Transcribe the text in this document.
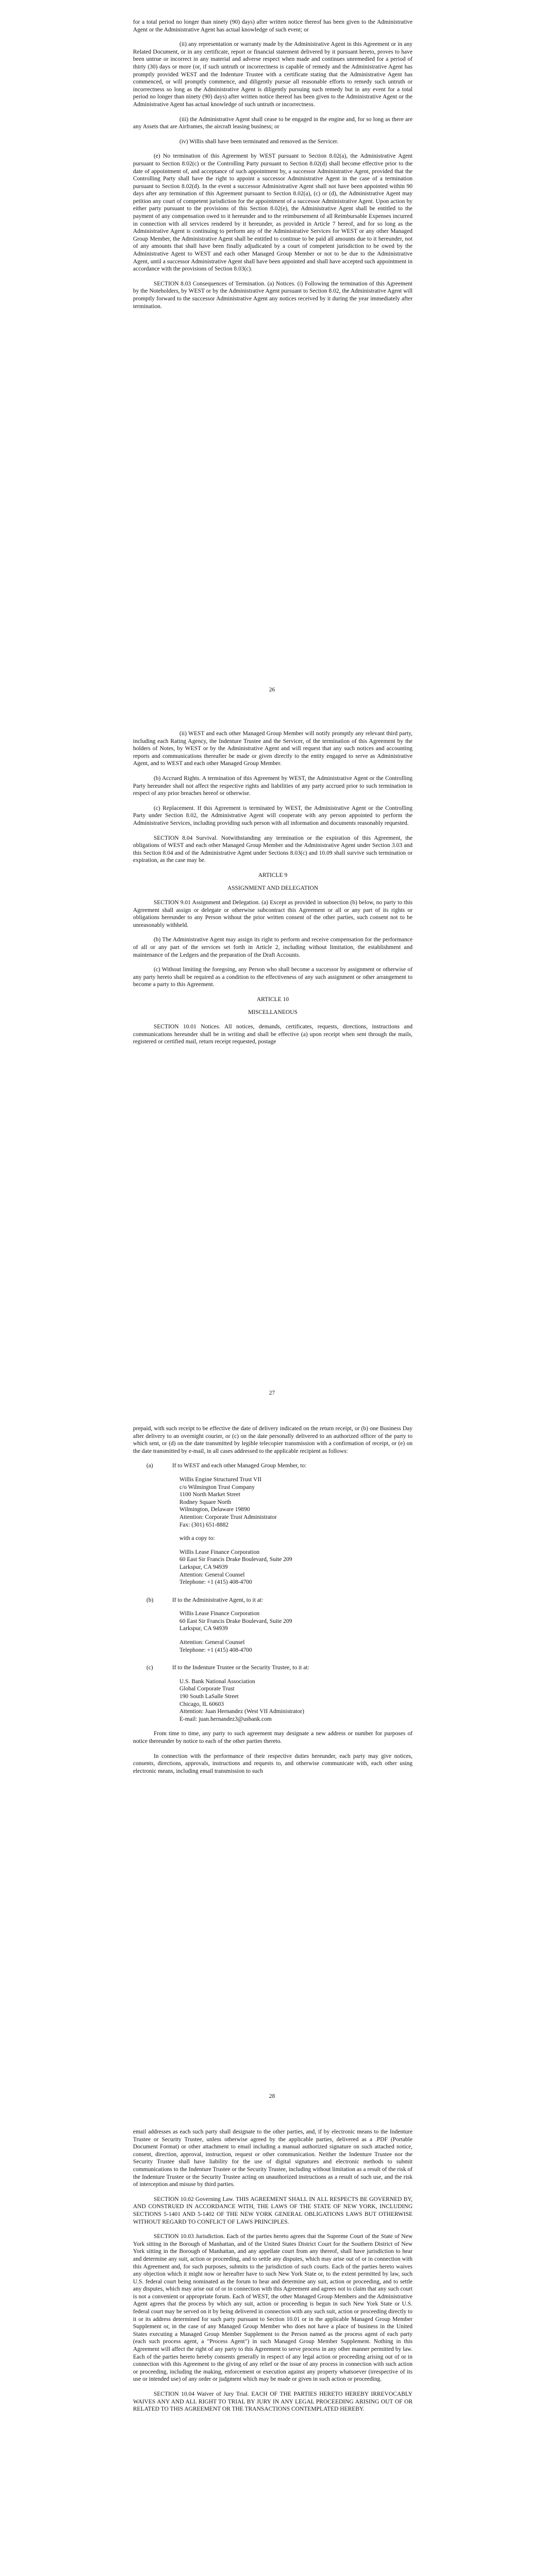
for a total period no longer than ninety (90) days) after written notice thereof has been given to the Administrative Agent or the Administrative Agent has actual knowledge of such event; or

(ii) any representation or warranty made by the Administrative Agent in this Agreement or in any Related Document, or in any certificate, report or financial statement delivered by it pursuant hereto, proves to have been untrue or incorrect in any material and adverse respect when made and continues unremedied for a period of thirty (30) days or more (or, if such untruth or incorrectness is capable of remedy and the Administrative Agent has promptly provided WEST and the Indenture Trustee with a certificate stating that the Administrative Agent has commenced, or will promptly commence, and diligently pursue all reasonable efforts to remedy such untruth or incorrectness so long as the Administrative Agent is diligently pursuing such remedy but in any event for a total period no longer than ninety (90) days) after written notice thereof has been given to the Administrative Agent or the Administrative Agent has actual knowledge of such untruth or incorrectness.

(iii) the Administrative Agent shall cease to be engaged in the engine and, for so long as there are any Assets that are Airframes, the aircraft leasing business; or

(iv) Willis shall have been terminated and removed as the Servicer.

(e) No termination of this Agreement by WEST pursuant to Section 8.02(a), the Administrative Agent pursuant to Section 8.02(c) or the Controlling Party pursuant to Section 8.02(d) shall become effective prior to the date of appointment of, and acceptance of such appointment by, a successor Administrative Agent, provided that the Controlling Party shall have the right to appoint a successor Administrative Agent in the case of a termination pursuant to Section 8.02(d). In the event a successor Administrative Agent shall not have been appointed within 90 days after any termination of this Agreement pursuant to Section 8.02(a), (c) or (d), the Administrative Agent may petition any court of competent jurisdiction for the appointment of a successor Administrative Agent. Upon action by either party pursuant to the provisions of this Section 8.02(e), the Administrative Agent shall be entitled to the payment of any compensation owed to it hereunder and to the reimbursement of all Reimbursable Expenses incurred in connection with all services rendered by it hereunder, as provided in Article 7 hereof, and for so long as the Administrative Agent is continuing to perform any of the Administrative Services for WEST or any other Managed Group Member, the Administrative Agent shall be entitled to continue to be paid all amounts due to it hereunder, not of any amounts that shall have been finally adjudicated by a court of competent jurisdiction to be owed by the Administrative Agent to WEST and each other Managed Group Member or not to be due to the Administrative Agent, until a successor Administrative Agent shall have been appointed and shall have accepted such appointment in accordance with the provisions of Section 8.03(c).

SECTION 8.03 Consequences of Termination. (a) Notices. (i) Following the termination of this Agreement by the Noteholders, by WEST or by the Administrative Agent pursuant to Section 8.02, the Administrative Agent will promptly forward to the successor Administrative Agent any notices received by it during the year immediately after termination.

26

(ii) WEST and each other Managed Group Member will notify promptly any relevant third party, including each Rating Agency, the Indenture Trustee and the Servicer, of the termination of this Agreement by the holders of Notes, by WEST or by the Administrative Agent and will request that any such notices and accounting reports and communications thereafter be made or given directly to the entity engaged to serve as Administrative Agent, and to WEST and each other Managed Group Member.

(b) Accrued Rights. A termination of this Agreement by WEST, the Administrative Agent or the Controlling Party hereunder shall not affect the respective rights and liabilities of any party accrued prior to such termination in respect of any prior breaches hereof or otherwise.

(c) Replacement. If this Agreement is terminated by WEST, the Administrative Agent or the Controlling Party under Section 8.02, the Administrative Agent will cooperate with any person appointed to perform the Administrative Services, including providing such person with all information and documents reasonably requested.

SECTION 8.04 Survival. Notwithstanding any termination or the expiration of this Agreement, the obligations of WEST and each other Managed Group Member and the Administrative Agent under Section 3.03 and this Section 8.04 and of the Administrative Agent under Sections 8.03(c) and 10.09 shall survive such termination or expiration, as the case may be.

ARTICLE 9

ASSIGNMENT AND DELEGATION

SECTION 9.01 Assignment and Delegation. (a) Except as provided in subsection (b) below, no party to this Agreement shall assign or delegate or otherwise subcontract this Agreement or all or any part of its rights or obligations hereunder to any Person without the prior written consent of the other parties, such consent not to be unreasonably withheld.

(b) The Administrative Agent may assign its right to perform and receive compensation for the performance of all or any part of the services set forth in Article 2, including without limitation, the establishment and maintenance of the Ledgers and the preparation of the Draft Accounts.

(c) Without limiting the foregoing, any Person who shall become a successor by assignment or otherwise of any party hereto shall be required as a condition to the effectiveness of any such assignment or other arrangement to become a party to this Agreement.

ARTICLE 10

MISCELLANEOUS

SECTION 10.01 Notices. All notices, demands, certificates, requests, directions, instructions and communications hereunder shall be in writing and shall be effective (a) upon receipt when sent through the mails, registered or certified mail, return receipt requested, postage

27

prepaid, with such receipt to be effective the date of delivery indicated on the return receipt, or (b) one Business Day after delivery to an overnight courier, or (c) on the date personally delivered to an authorized officer of the party to which sent, or (d) on the date transmitted by legible telecopier transmission with a confirmation of receipt, or (e) on the date transmitted by e-mail, in all cases addressed to the applicable recipient as follows:

(a)	If to WEST and each other Managed Group Member, to:
Willis Engine Structured Trust VII
c/o Wilmington Trust Company
1100 North Market Street
Rodney Square North
Wilmington, Delaware 19890
Attention: Corporate Trust Administrator
Fax: (301) 651-8882
with a copy to:
Willis Lease Finance Corporation
60 East Sir Francis Drake Boulevard, Suite 209
Larkspur, CA 94939
Attention: General Counsel
Telephone: +1 (415) 408-4700
(b)	If to the Administrative Agent, to it at:
Willis Lease Finance Corporation
60 East Sir Francis Drake Boulevard, Suite 209
Larkspur, CA 94939
Attention: General Counsel
Telephone: +1 (415) 408-4700
(c)	If to the Indenture Trustee or the Security Trustee, to it at:
U.S. Bank National Association
Global Corporate Trust
190 South LaSalle Street
Chicago, IL 60603
Attention: Juan Hernandez (West VII Administrator)
E-mail: juan.hernandez3@usbank.com

From time to time, any party to such agreement may designate a new address or number for purposes of notice thereunder by notice to each of the other parties thereto.

In connection with the performance of their respective duties hereunder, each party may give notices, consents, directions, approvals, instructions and requests to, and otherwise communicate with, each other using electronic means, including email transmission to such

28

email addresses as each such party shall designate to the other parties, and, if by electronic means to the Indenture Trustee or Security Trustee, unless otherwise agreed by the applicable parties, delivered as a .PDF (Portable Document Format) or other attachment to email including a manual authorized signature on such attached notice, consent, direction, approval, instruction, request or other communication. Neither the Indenture Trustee nor the Security Trustee shall have liability for the use of digital signatures and electronic methods to submit communications to the Indenture Trustee or the Security Trustee, including without limitation as a result of the risk of the Indenture Trustee or the Security Trustee acting on unauthorized instructions as a result of such use, and the risk of interception and misuse by third parties.

SECTION 10.02 Governing Law. THIS AGREEMENT SHALL IN ALL RESPECTS BE GOVERNED BY, AND CONSTRUED IN ACCORDANCE WITH, THE LAWS OF THE STATE OF NEW YORK, INCLUDING SECTIONS 5-1401 AND 5-1402 OF THE NEW YORK GENERAL OBLIGATIONS LAWS BUT OTHERWISE WITHOUT REGARD TO CONFLICT OF LAWS PRINCIPLES.

SECTION 10.03 Jurisdiction. Each of the parties hereto agrees that the Supreme Court of the State of New York sitting in the Borough of Manhattan, and of the United States District Court for the Southern District of New York sitting in the Borough of Manhattan, and any appellate court from any thereof, shall have jurisdiction to hear and determine any suit, action or proceeding, and to settle any disputes, which may arise out of or in connection with this Agreement and, for such purposes, submits to the jurisdiction of such courts. Each of the parties hereto waives any objection which it might now or hereafter have to such New York State or, to the extent permitted by law, such U.S. federal court being nominated as the forum to hear and determine any suit, action or proceeding, and to settle any disputes, which may arise out of or in connection with this Agreement and agrees not to claim that any such court is not a convenient or appropriate forum. Each of WEST, the other Managed Group Members and the Administrative Agent agrees that the process by which any suit, action or proceeding is begun in such New York State or U.S. federal court may be served on it by being delivered in connection with any such suit, action or proceeding directly to it or its address determined for such party pursuant to Section 10.01 or in the applicable Managed Group Member Supplement or, in the case of any Managed Group Member who does not have a place of business in the United States executing a Managed Group Member Supplement to the Person named as the process agent of each party (each such process agent, a "Process Agent") in such Managed Group Member Supplement. Nothing in this Agreement will affect the right of any party to this Agreement to serve process in any other manner permitted by law. Each of the parties hereto hereby consents generally in respect of any legal action or proceeding arising out of or in connection with this Agreement to the giving of any relief or the issue of any process in connection with such action or proceeding, including the making, enforcement or execution against any property whatsoever (irrespective of its use or intended use) of any order or judgment which may be made or given in such action or proceeding.

SECTION 10.04 Waiver of Jury Trial. EACH OF THE PARTIES HERETO HEREBY IRREVOCABLY WAIVES ANY AND ALL RIGHT TO TRIAL BY JURY IN ANY LEGAL PROCEEDING ARISING OUT OF OR RELATED TO THIS AGREEMENT OR THE TRANSACTIONS CONTEMPLATED HEREBY.
